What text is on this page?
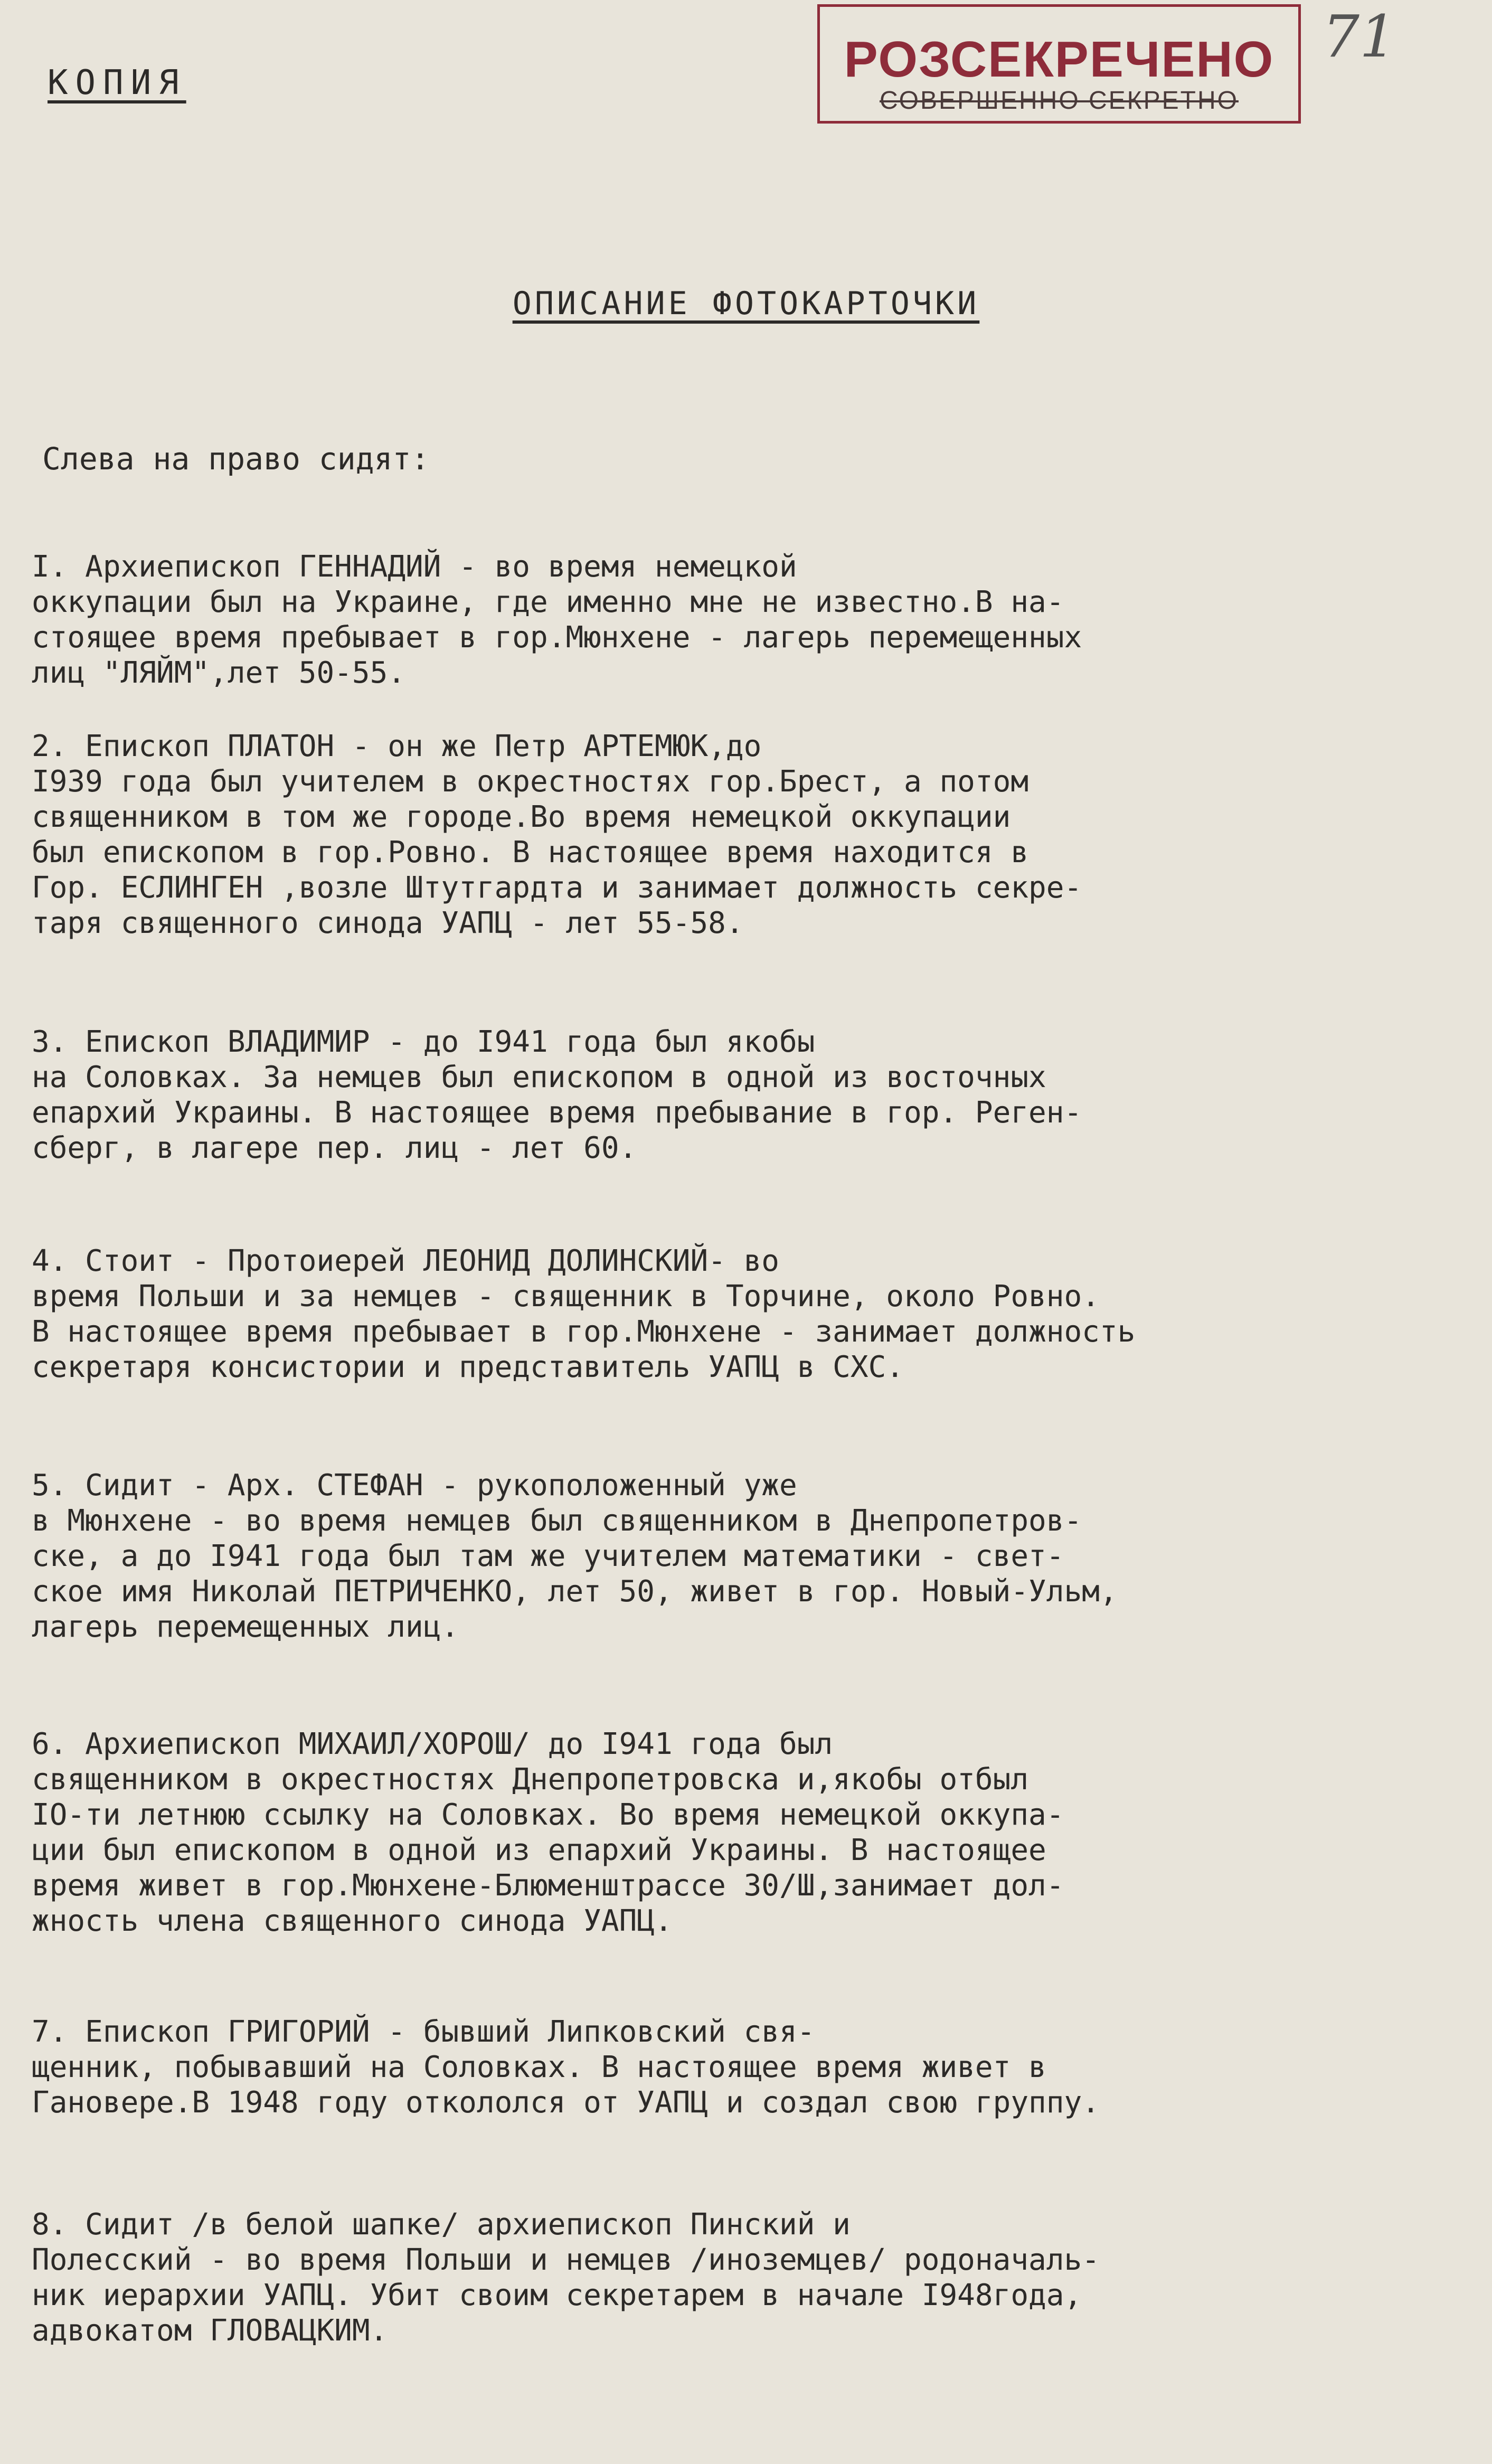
КОПИЯ	РОЗСЕКРЕЧЕНО
СОВЕРШЕННО СЕКРЕТНО
71
ОПИСАНИЕ ФОТОКАРТОЧКИ
Слева на право сидят:
I. Архиепископ ГЕННАДИЙ - во время немецкой
оккупации был на Украине, где именно мне не известно.В на-
стоящее время пребывает в гор.Мюнхене - лагерь перемещенных
лиц "ЛЯЙМ",лет 50-55.
2. Епископ ПЛАТОН - он же Петр АРТЕМЮК,до
I939 года был учителем в окрестностях гор.Брест, а потом
священником в том же городе.Во время немецкой оккупации
был епископом в гор.Ровно. В настоящее время находится в
Гор. ЕСЛИНГЕН ,возле Штутгардта и занимает должность секре-
таря священного синода УАПЦ - лет 55-58.
3. Епископ ВЛАДИМИР - до I941 года был якобы
на Соловках. За немцев был епископом в одной из восточных
епархий Украины. В настоящее время пребывание в гор. Реген-
сберг, в лагере пер. лиц - лет 60.
4. Стоит - Протоиерей ЛЕОНИД ДОЛИНСКИЙ- во
время Польши и за немцев - священник в Торчине, около Ровно.
В настоящее время пребывает в гор.Мюнхене - занимает должность
секретаря консистории и представитель УАПЦ в СХС.
5. Сидит - Арх. СТЕФАН - рукоположенный уже
в Мюнхене - во время немцев был священником в Днепропетров-
ске, а до I941 года был там же учителем математики - свет-
ское имя Николай ПЕТРИЧЕНКО, лет 50, живет в гор. Новый-Ульм,
лагерь перемещенных лиц.
6. Архиепископ МИХАИЛ/ХОРОШ/ до I941 года был
священником в окрестностях Днепропетровска и,якобы отбыл
IO-ти летнюю ссылку на Соловках. Во время немецкой оккупа-
ции был епископом в одной из епархий Украины. В настоящее
время живет в гор.Мюнхене-Блюменштрассе 30/Ш,занимает дол-
жность члена священного синода УАПЦ.
7. Епископ ГРИГОРИЙ - бывший Липковский свя-
щенник, побывавший на Соловках. В настоящее время живет в
Гановере.В 1948 году откололся от УАПЦ и создал свою группу.
8. Сидит /в белой шапке/ архиепископ Пинский и
Полесский - во время Польши и немцев /иноземцев/ родоначаль-
ник иерархии УАПЦ. Убит своим секретарем в начале I948года,
адвокатом ГЛОВАЦКИМ.
